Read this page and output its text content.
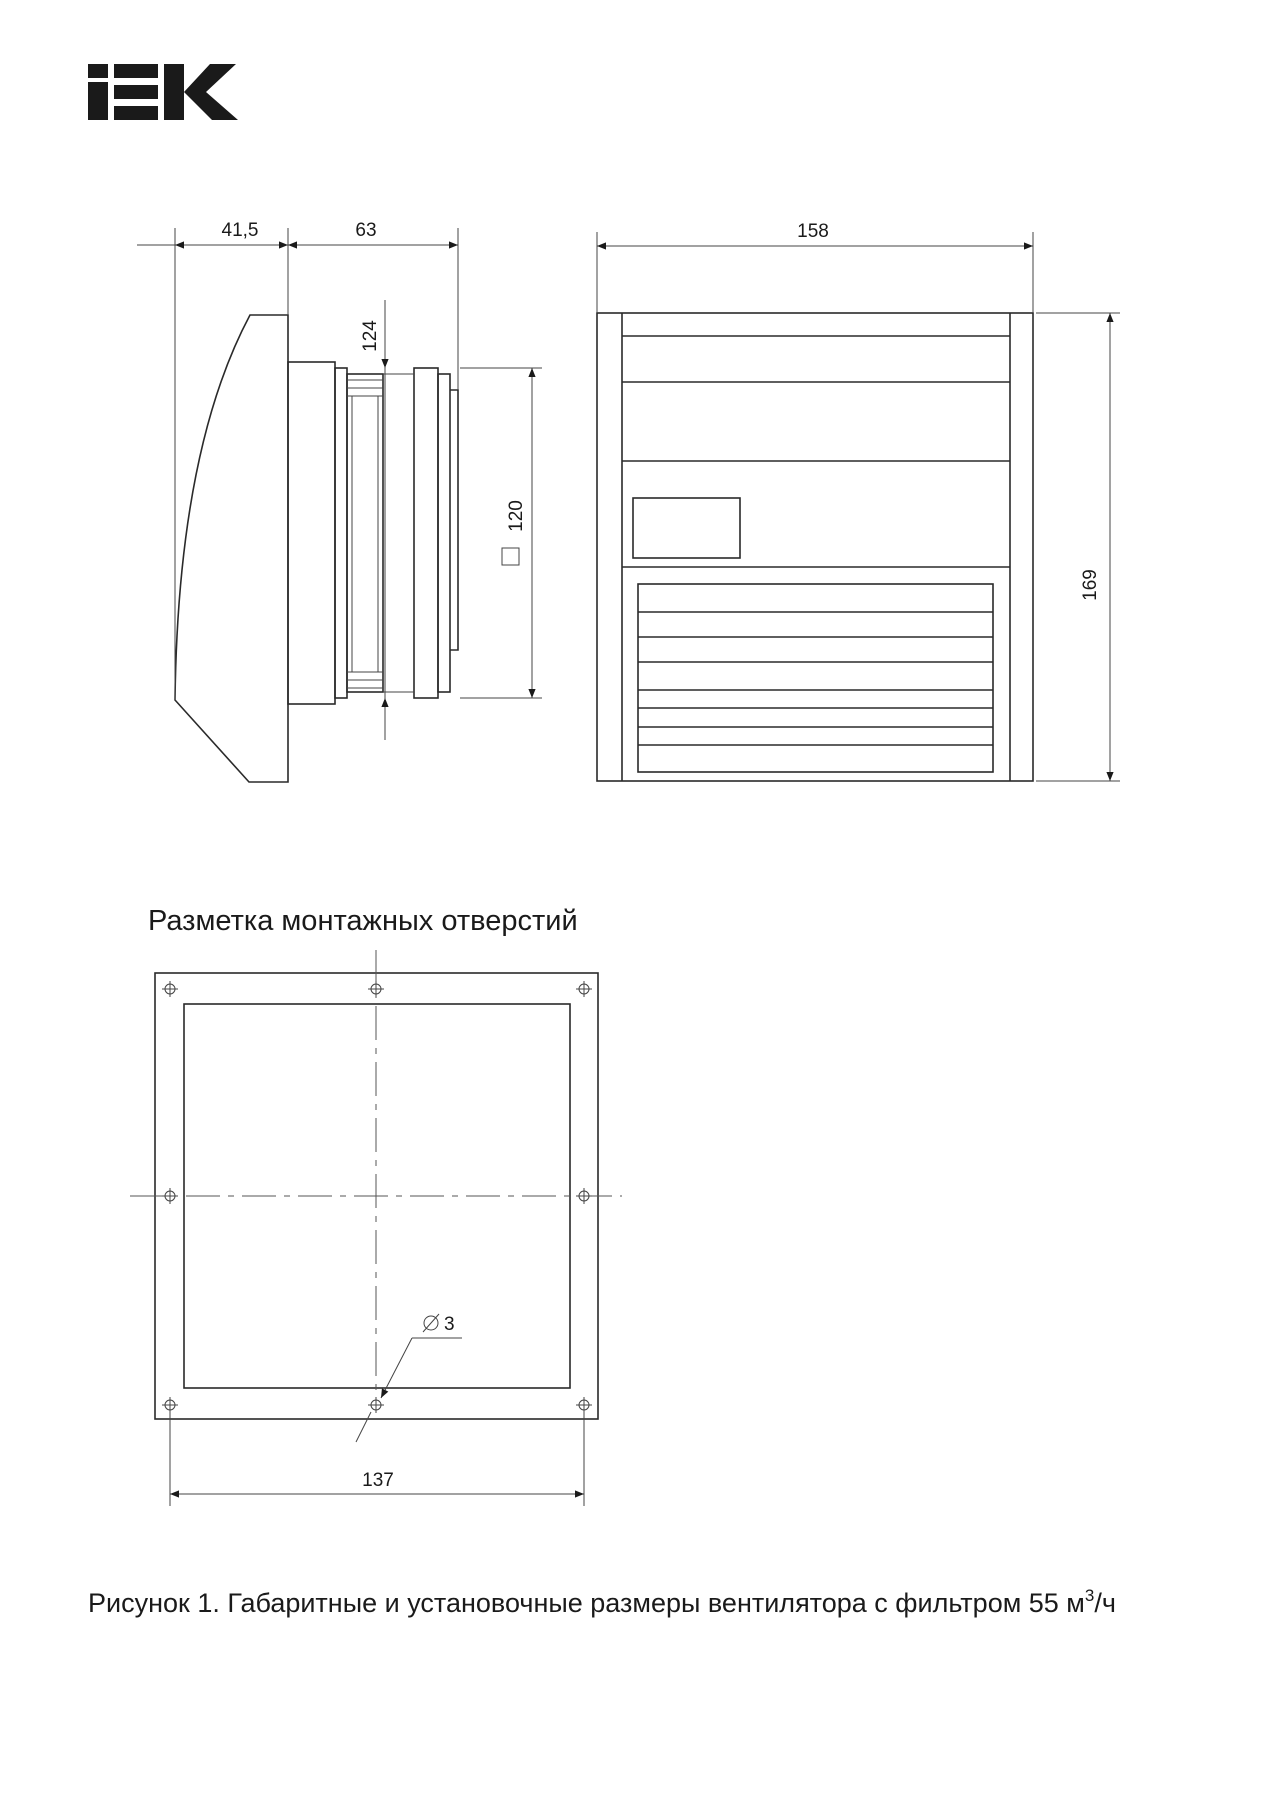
41,5	63
124
120
158
169
Разметка монтажных отверстий
3
137
Рисунок 1. Габаритные и установочные размеры вентилятора с фильтром 55 $м^3/ч$
